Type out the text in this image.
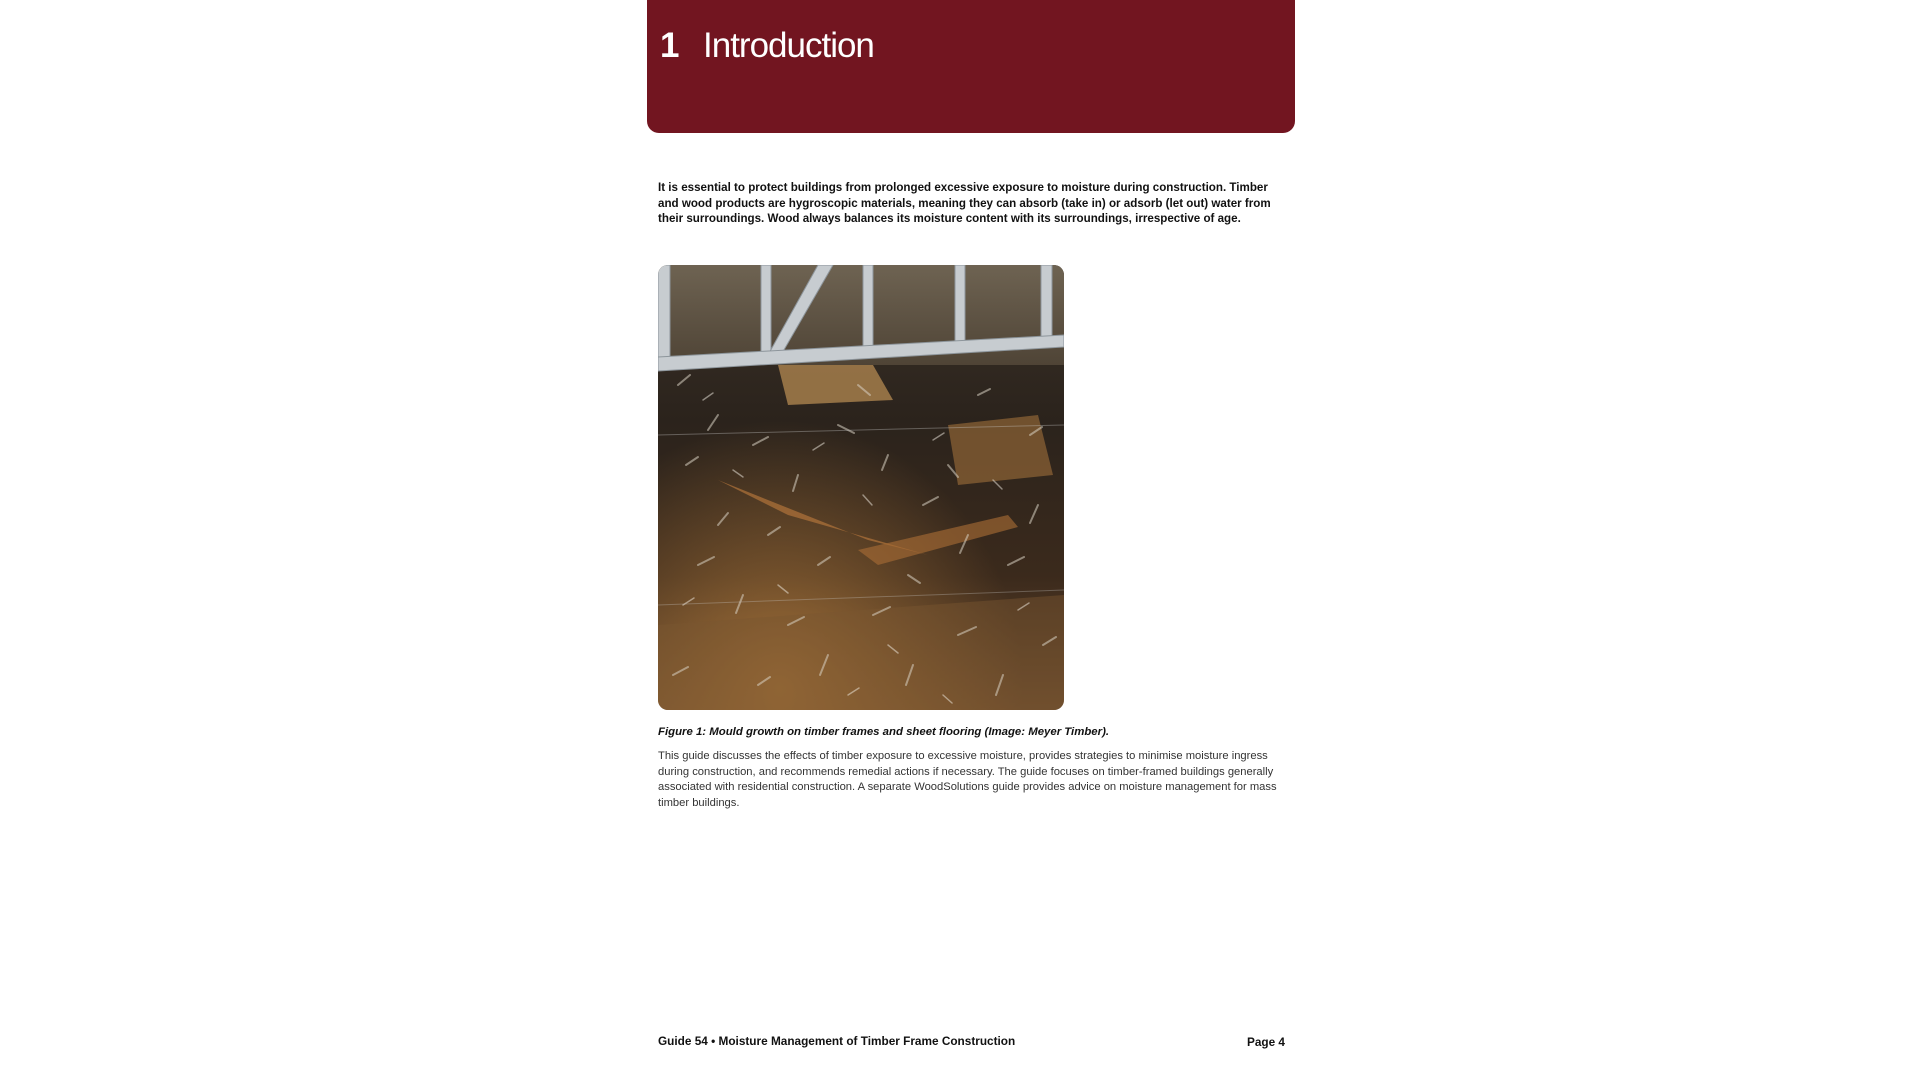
1 Introduction

It is essential to protect buildings from prolonged excessive exposure to moisture during construction. Timber and wood products are hygroscopic materials, meaning they can absorb (take in) or adsorb (let out) water from their surroundings. Wood always balances its moisture content with its surroundings, irrespective of age.

Figure 1: Mould growth on timber frames and sheet flooring (Image: Meyer Timber).

This guide discusses the effects of timber exposure to excessive moisture, provides strategies to minimise moisture ingress during construction, and recommends remedial actions if necessary. The guide focuses on timber-framed buildings generally associated with residential construction. A separate WoodSolutions guide provides advice on moisture management for mass timber buildings.

Guide 54 • Moisture Management of Timber Frame Construction	Page 4
